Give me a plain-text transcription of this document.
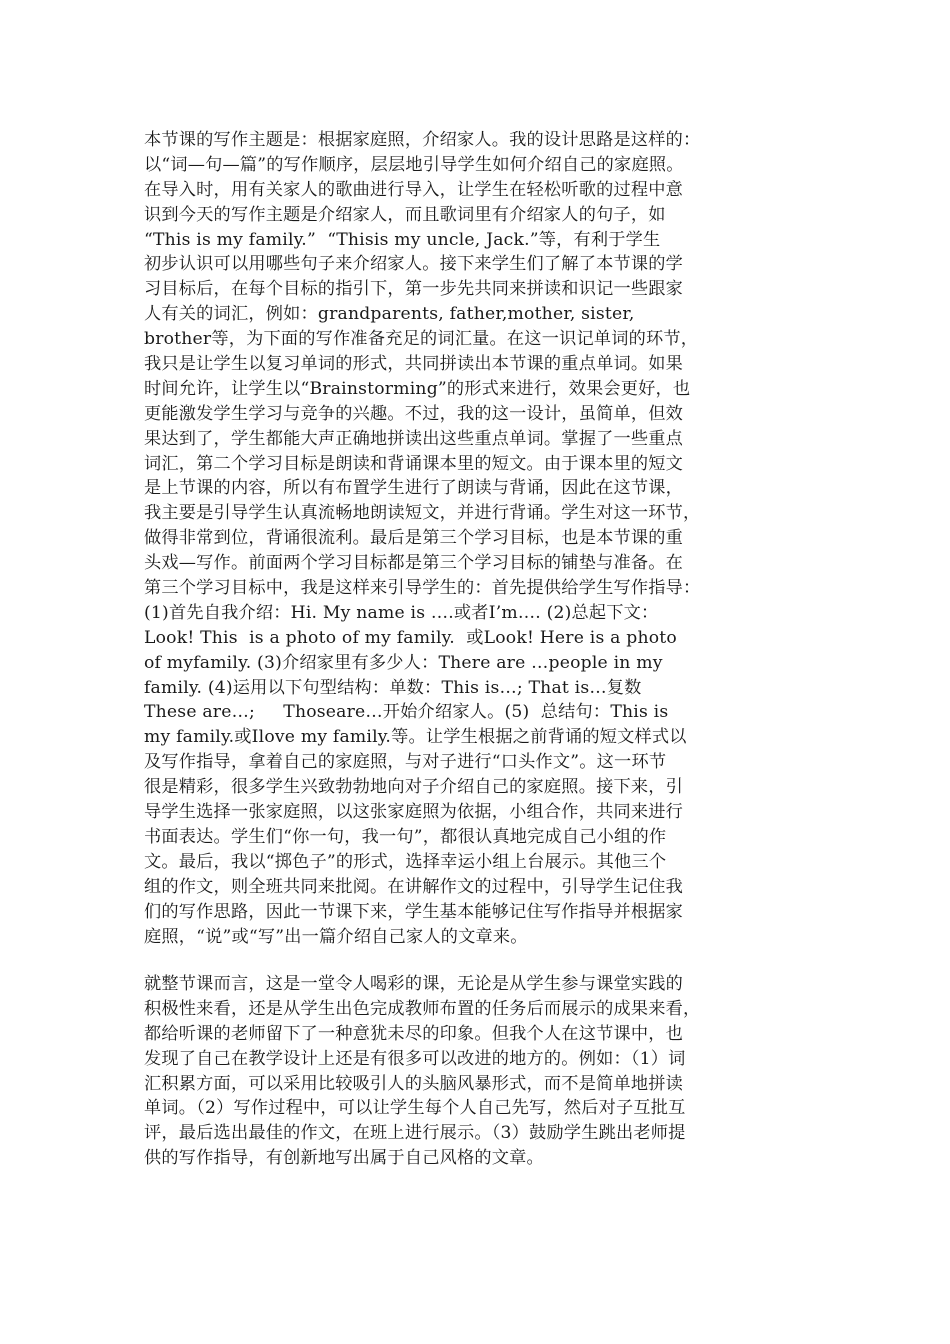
本节课的写作主题是：根据家庭照，介绍家人。我的设计思路是这样的：
以“词—句—篇”的写作顺序，层层地引导学生如何介绍自己的家庭照。
在导入时，用有关家人的歌曲进行导入，让学生在轻松听歌的过程中意
识到今天的写作主题是介绍家人，而且歌词里有介绍家人的句子，如
“This is my family.”  “Thisis my uncle, Jack.”等，有利于学生
初步认识可以用哪些句子来介绍家人。接下来学生们了解了本节课的学
习目标后，在每个目标的指引下，第一步先共同来拼读和识记一些跟家
人有关的词汇，例如：grandparents, father,mother, sister,
brother等，为下面的写作准备充足的词汇量。在这一识记单词的环节，
我只是让学生以复习单词的形式，共同拼读出本节课的重点单词。如果
时间允许，让学生以“Brainstorming”的形式来进行，效果会更好，也
更能激发学生学习与竞争的兴趣。不过，我的这一设计，虽简单，但效
果达到了，学生都能大声正确地拼读出这些重点单词。掌握了一些重点
词汇，第二个学习目标是朗读和背诵课本里的短文。由于课本里的短文
是上节课的内容，所以有布置学生进行了朗读与背诵，因此在这节课，
我主要是引导学生认真流畅地朗读短文，并进行背诵。学生对这一环节，
做得非常到位，背诵很流利。最后是第三个学习目标，也是本节课的重
头戏—写作。前面两个学习目标都是第三个学习目标的铺垫与准备。在
第三个学习目标中，我是这样来引导学生的：首先提供给学生写作指导：
(1)首先自我介绍：Hi. My name is ….或者I’m…. (2)总起下文：
Look! This  is a photo of my family.  或Look! Here is a photo
of myfamily. (3)介绍家里有多少人：There are …people in my
family. (4)运用以下句型结构：单数：This is…; That is…复数
These are…;     Thoseare…开始介绍家人。(5)  总结句：This is
my family.或Ilove my family.等。让学生根据之前背诵的短文样式以
及写作指导，拿着自己的家庭照，与对子进行“口头作文”。这一环节
很是精彩，很多学生兴致勃勃地向对子介绍自己的家庭照。接下来，引
导学生选择一张家庭照，以这张家庭照为依据，小组合作，共同来进行
书面表达。学生们“你一句，我一句”，都很认真地完成自己小组的作
文。最后，我以“掷色子”的形式，选择幸运小组上台展示。其他三个
组的作文，则全班共同来批阅。在讲解作文的过程中，引导学生记住我
们的写作思路，因此一节课下来，学生基本能够记住写作指导并根据家
庭照，“说”或“写”出一篇介绍自己家人的文章来。
就整节课而言，这是一堂令人喝彩的课，无论是从学生参与课堂实践的
积极性来看，还是从学生出色完成教师布置的任务后而展示的成果来看，
都给听课的老师留下了一种意犹未尽的印象。但我个人在这节课中，也
发现了自己在教学设计上还是有很多可以改进的地方的。例如：（1）词
汇积累方面，可以采用比较吸引人的头脑风暴形式，而不是简单地拼读
单词。（2）写作过程中，可以让学生每个人自己先写，然后对子互批互
评，最后选出最佳的作文，在班上进行展示。（3）鼓励学生跳出老师提
供的写作指导，有创新地写出属于自己风格的文章。
